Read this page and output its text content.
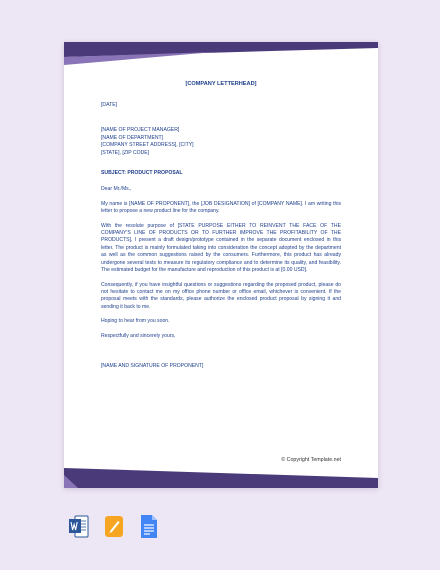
[COMPANY LETTERHEAD]

[DATE]

[NAME OF PROJECT MANAGER]

[NAME OF DEPARTMENT]

[COMPANY STREET ADDRESS], [CITY]

[STATE], [ZIP CODE]

SUBJECT: PRODUCT PROPOSAL

Dear Mr./Ms.,

My name is [NAME OF PROPONENT], the [JOB DESIGNATION] of [COMPANY NAME]. I am writing this letter to propose a new product line for the company.

With the resolute purpose of [STATE PURPOSE EITHER TO REINVENT THE FACE OF THE COMPANY'S LINE OF PRODUCTS OR TO FURTHER IMPROVE THE PROFITABILITY OF THE PRODUCTS], I present a draft design/prototype contained in the separate document enclosed in this letter. The product is mainly formulated taking into consideration the concept adopted by the department as well as the common suggestions raised by the consumers. Furthermore, this product has already undergone several tests to measure its regulatory compliance and to determine its quality, and feasibility. The estimated budget for the manufacture and reproduction of this product is at [0.00 USD].

Consequently, if you have insightful questions or suggestions regarding the proposed product, please do not hesitate to contact me on my office phone number or office email, whichever is convenient. If the proposal meets with the standards, please authorize the enclosed product proposal by signing it and sending it back to me.

Hoping to hear from you soon.

Respectfully and sincerely yours,

[NAME AND SIGNATURE OF PROPONENT]

© Copyright Template.net
